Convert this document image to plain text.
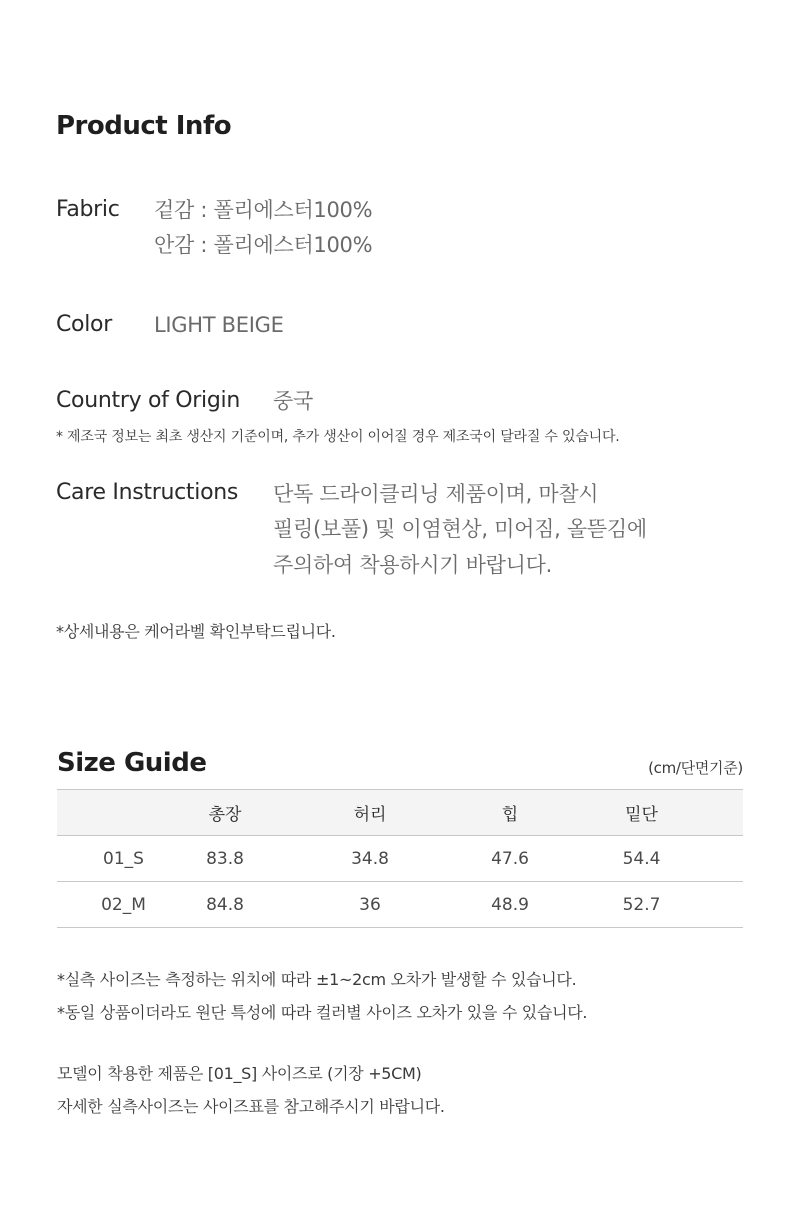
Product Info
Fabric 겉감 : 폴리에스터100%
안감 : 폴리에스터100%
Color LIGHT BEIGE
Country of Origin 중국
* 제조국 정보는 최초 생산지 기준이며, 추가 생산이 이어질 경우 제조국이 달라질 수 있습니다.
Care Instructions 단독 드라이클리닝 제품이며, 마찰시
필링(보풀) 및 이염현상, 미어짐, 올뜯김에
주의하여 착용하시기 바랍니다.
*상세내용은 케어라벨 확인부탁드립니다.
Size Guide	(cm/단면기준)
	총장	허리	힙	밑단
01_S	83.8	34.8	47.6	54.4
02_M	84.8	36	48.9	52.7
*실측 사이즈는 측정하는 위치에 따라 ±1~2cm 오차가 발생할 수 있습니다.
*동일 상품이더라도 원단 특성에 따라 컬러별 사이즈 오차가 있을 수 있습니다.
모델이 착용한 제품은 [01_S] 사이즈로 (기장 +5CM)
자세한 실측사이즈는 사이즈표를 참고해주시기 바랍니다.
